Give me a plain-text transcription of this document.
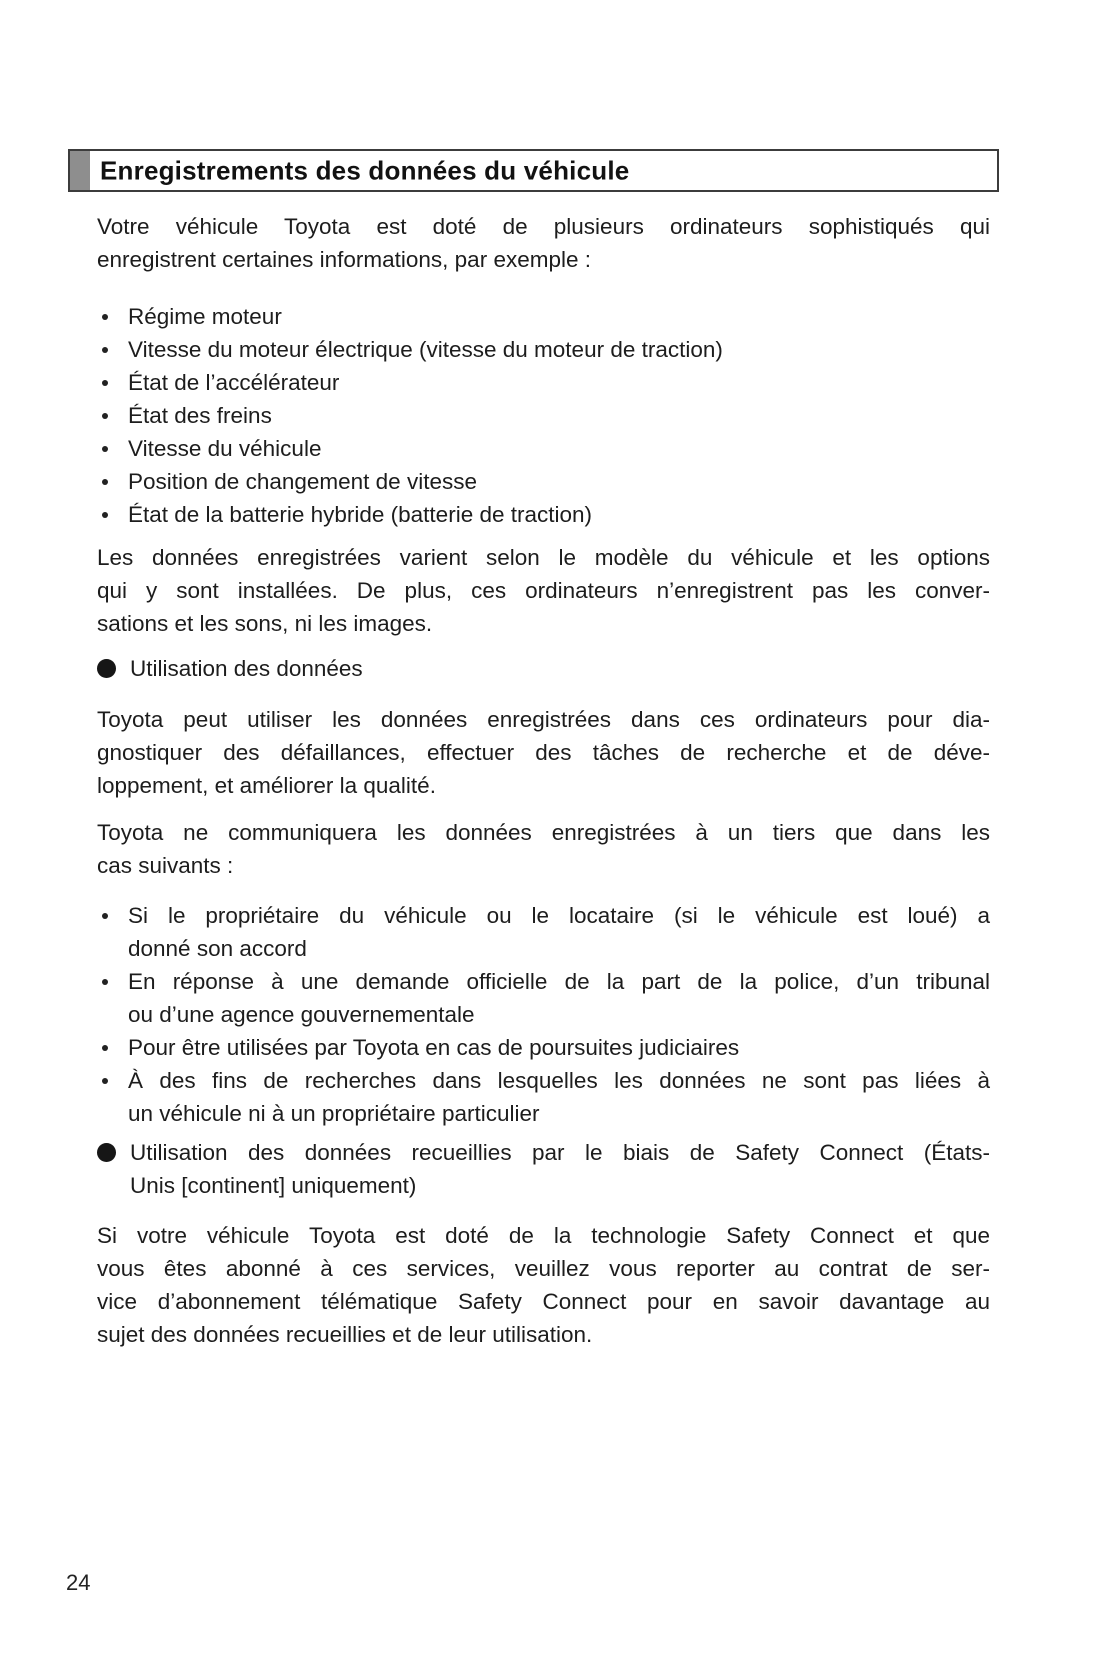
Enregistrements des données du véhicule
Votre véhicule Toyota est doté de plusieurs ordinateurs sophistiqués qui
enregistrent certaines informations, par exemple :
Régime moteur
Vitesse du moteur électrique (vitesse du moteur de traction)
État de l’accélérateur
État des freins
Vitesse du véhicule
Position de changement de vitesse
État de la batterie hybride (batterie de traction)
Les données enregistrées varient selon le modèle du véhicule et les options
qui y sont installées. De plus, ces ordinateurs n’enregistrent pas les conver-
sations et les sons, ni les images.
Utilisation des données
Toyota peut utiliser les données enregistrées dans ces ordinateurs pour dia-
gnostiquer des défaillances, effectuer des tâches de recherche et de déve-
loppement, et améliorer la qualité.
Toyota ne communiquera les données enregistrées à un tiers que dans les
cas suivants :
Si le propriétaire du véhicule ou le locataire (si le véhicule est loué) a
donné son accord
En réponse à une demande officielle de la part de la police, d’un tribunal
ou d’une agence gouvernementale
Pour être utilisées par Toyota en cas de poursuites judiciaires
À des fins de recherches dans lesquelles les données ne sont pas liées à
un véhicule ni à un propriétaire particulier
Utilisation des données recueillies par le biais de Safety Connect (États-
Unis [continent] uniquement)
Si votre véhicule Toyota est doté de la technologie Safety Connect et que
vous êtes abonné à ces services, veuillez vous reporter au contrat de ser-
vice d’abonnement télématique Safety Connect pour en savoir davantage au
sujet des données recueillies et de leur utilisation.
24
